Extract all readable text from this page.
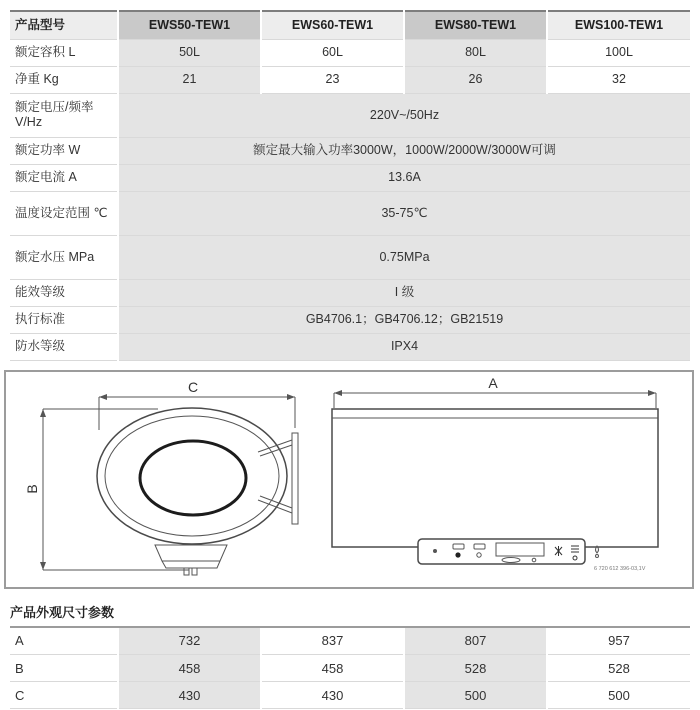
产品型号	EWS50-TEW1	EWS60-TEW1	EWS80-TEW1	EWS100-TEW1
额定容积 L	50L	60L	80L	100L
净重 Kg	21	23	26	32
额定电压/频率 V/Hz	220V~/50Hz			
额定功率 W	额定最大输入功率3000W，1000W/2000W/3000W可调			
额定电流 A	13.6A			
温度设定范围 ℃	35-75℃			
额定水压 MPa	0.75MPa			
能效等级	I 级			
执行标准	GB4706.1；GB4706.12；GB21519			
防水等级	IPX4			
C
B
A
6 720 612 396-03,1V
产品外观尺寸参数
A	732	837	807	957
B	458	458	528	528
C	430	430	500	500
